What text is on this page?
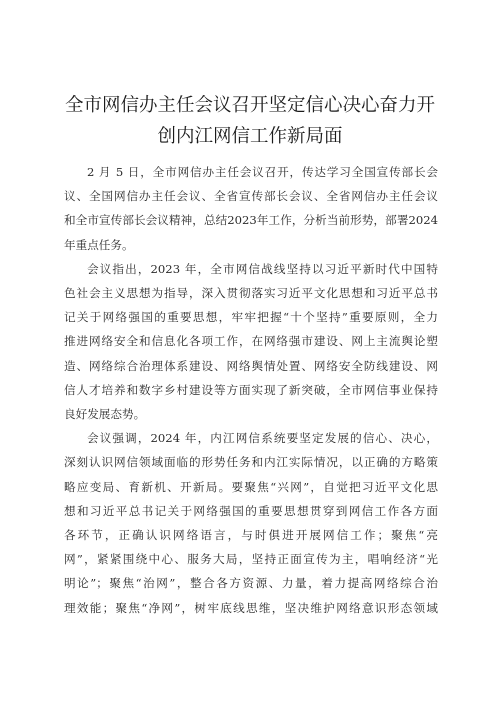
全市网信办主任会议召开坚定信心决心奋力开
创内江网信工作新局面
2 月 5 日，全市网信办主任会议召开，传达学习全国宣传部长会
议、全国网信办主任会议、全省宣传部长会议、全省网信办主任会议
和全市宣传部长会议精神，总结2023年工作，分析当前形势，部署2024
年重点任务。
会议指出，2023 年，全市网信战线坚持以习近平新时代中国特
色社会主义思想为指导，深入贯彻落实习近平文化思想和习近平总书
记关于网络强国的重要思想，牢牢把握“十个坚持”重要原则，全力
推进网络安全和信息化各项工作，在网络强市建设、网上主流舆论塑
造、网络综合治理体系建设、网络舆情处置、网络安全防线建设、网
信人才培养和数字乡村建设等方面实现了新突破，全市网信事业保持
良好发展态势。
会议强调，2024 年，内江网信系统要坚定发展的信心、决心，
深刻认识网信领域面临的形势任务和内江实际情况，以正确的方略策
略应变局、育新机、开新局。要聚焦“兴网”，自觉把习近平文化思
想和习近平总书记关于网络强国的重要思想贯穿到网信工作各方面
各环节，正确认识网络语言，与时俱进开展网信工作；聚焦“亮
网”，紧紧围绕中心、服务大局，坚持正面宣传为主，唱响经济“光
明论”；聚焦“治网”，整合各方资源、力量，着力提高网络综合治
理效能；聚焦“净网”，树牢底线思维，坚决维护网络意识形态领域
